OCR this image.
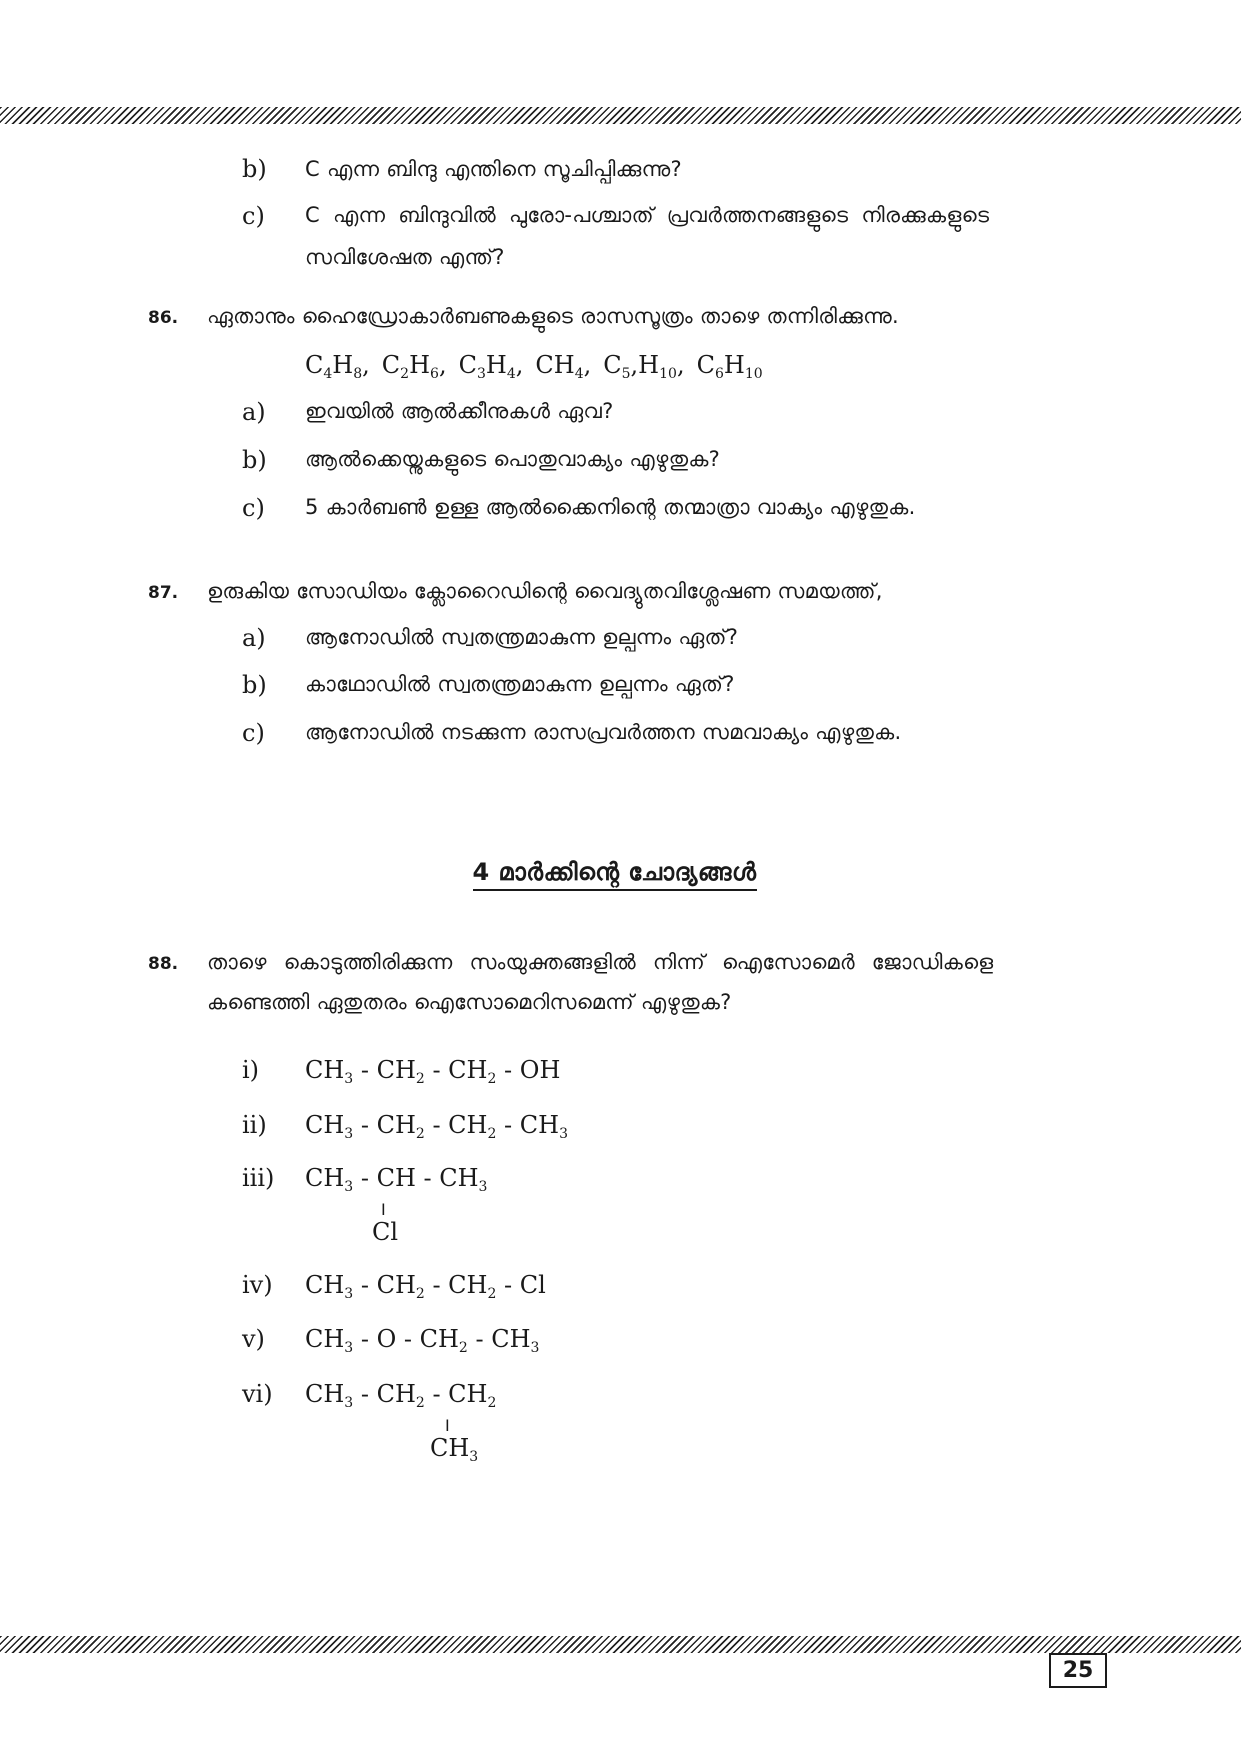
b) C എന്ന ബിന്ദു എന്തിനെ സൂചിപ്പിക്കുന്നു?
c) C എന്ന ബിന്ദുവിൽ പുരോ-പശ്ചാത് പ്രവർത്തനങ്ങളുടെ നിരക്കുകളുടെ
സവിശേഷത എന്ത്?
86. ഏതാനും ഹൈഡ്രോകാർബണുകളുടെ രാസസൂത്രം താഴെ തന്നിരിക്കുന്നു.
$C_4H_8$, $C_2H_6$, $C_3H_4$, $CH_4$, $C_5,H_{10}$, $C_6H_{10}$
a) ഇവയിൽ ആൽക്കീനുകൾ ഏവ?
b) ആൽക്കെയ്നുകളുടെ പൊതുവാക്യം എഴുതുക?
c) 5 കാർബൺ ഉള്ള ആൽക്കൈനിന്റെ തന്മാത്രാ വാക്യം എഴുതുക.
87. ഉരുകിയ സോഡിയം ക്ലോറൈഡിന്റെ വൈദ്യുതവിശ്ലേഷണ സമയത്ത്,
a) ആനോഡിൽ സ്വതന്ത്രമാകുന്ന ഉല്പന്നം ഏത്?
b) കാഥോഡിൽ സ്വതന്ത്രമാകുന്ന ഉല്പന്നം ഏത്?
c) ആനോഡിൽ നടക്കുന്ന രാസപ്രവർത്തന സമവാക്യം എഴുതുക.
4 മാർക്കിന്റെ ചോദ്യങ്ങൾ
88. താഴെ കൊടുത്തിരിക്കുന്ന സംയുക്തങ്ങളിൽ നിന്ന് ഐസോമെർ ജോഡികളെ
കണ്ടെത്തി ഏതുതരം ഐസോമെറിസമെന്ന് എഴുതുക?
i) $CH_3 - CH_2 - CH_2$ - OH
ii) $CH_3 - CH_2 - CH_2 - CH_3$
iii) $CH_3$ - CH - $CH_3$
I
Cl
iv) $CH_3 - CH_2 - CH_2$ - Cl
v) $CH_3$ - O - $CH_2 - CH_3$
vi) $CH_3 - CH_2 - CH_2$
I
$CH_3$
25
